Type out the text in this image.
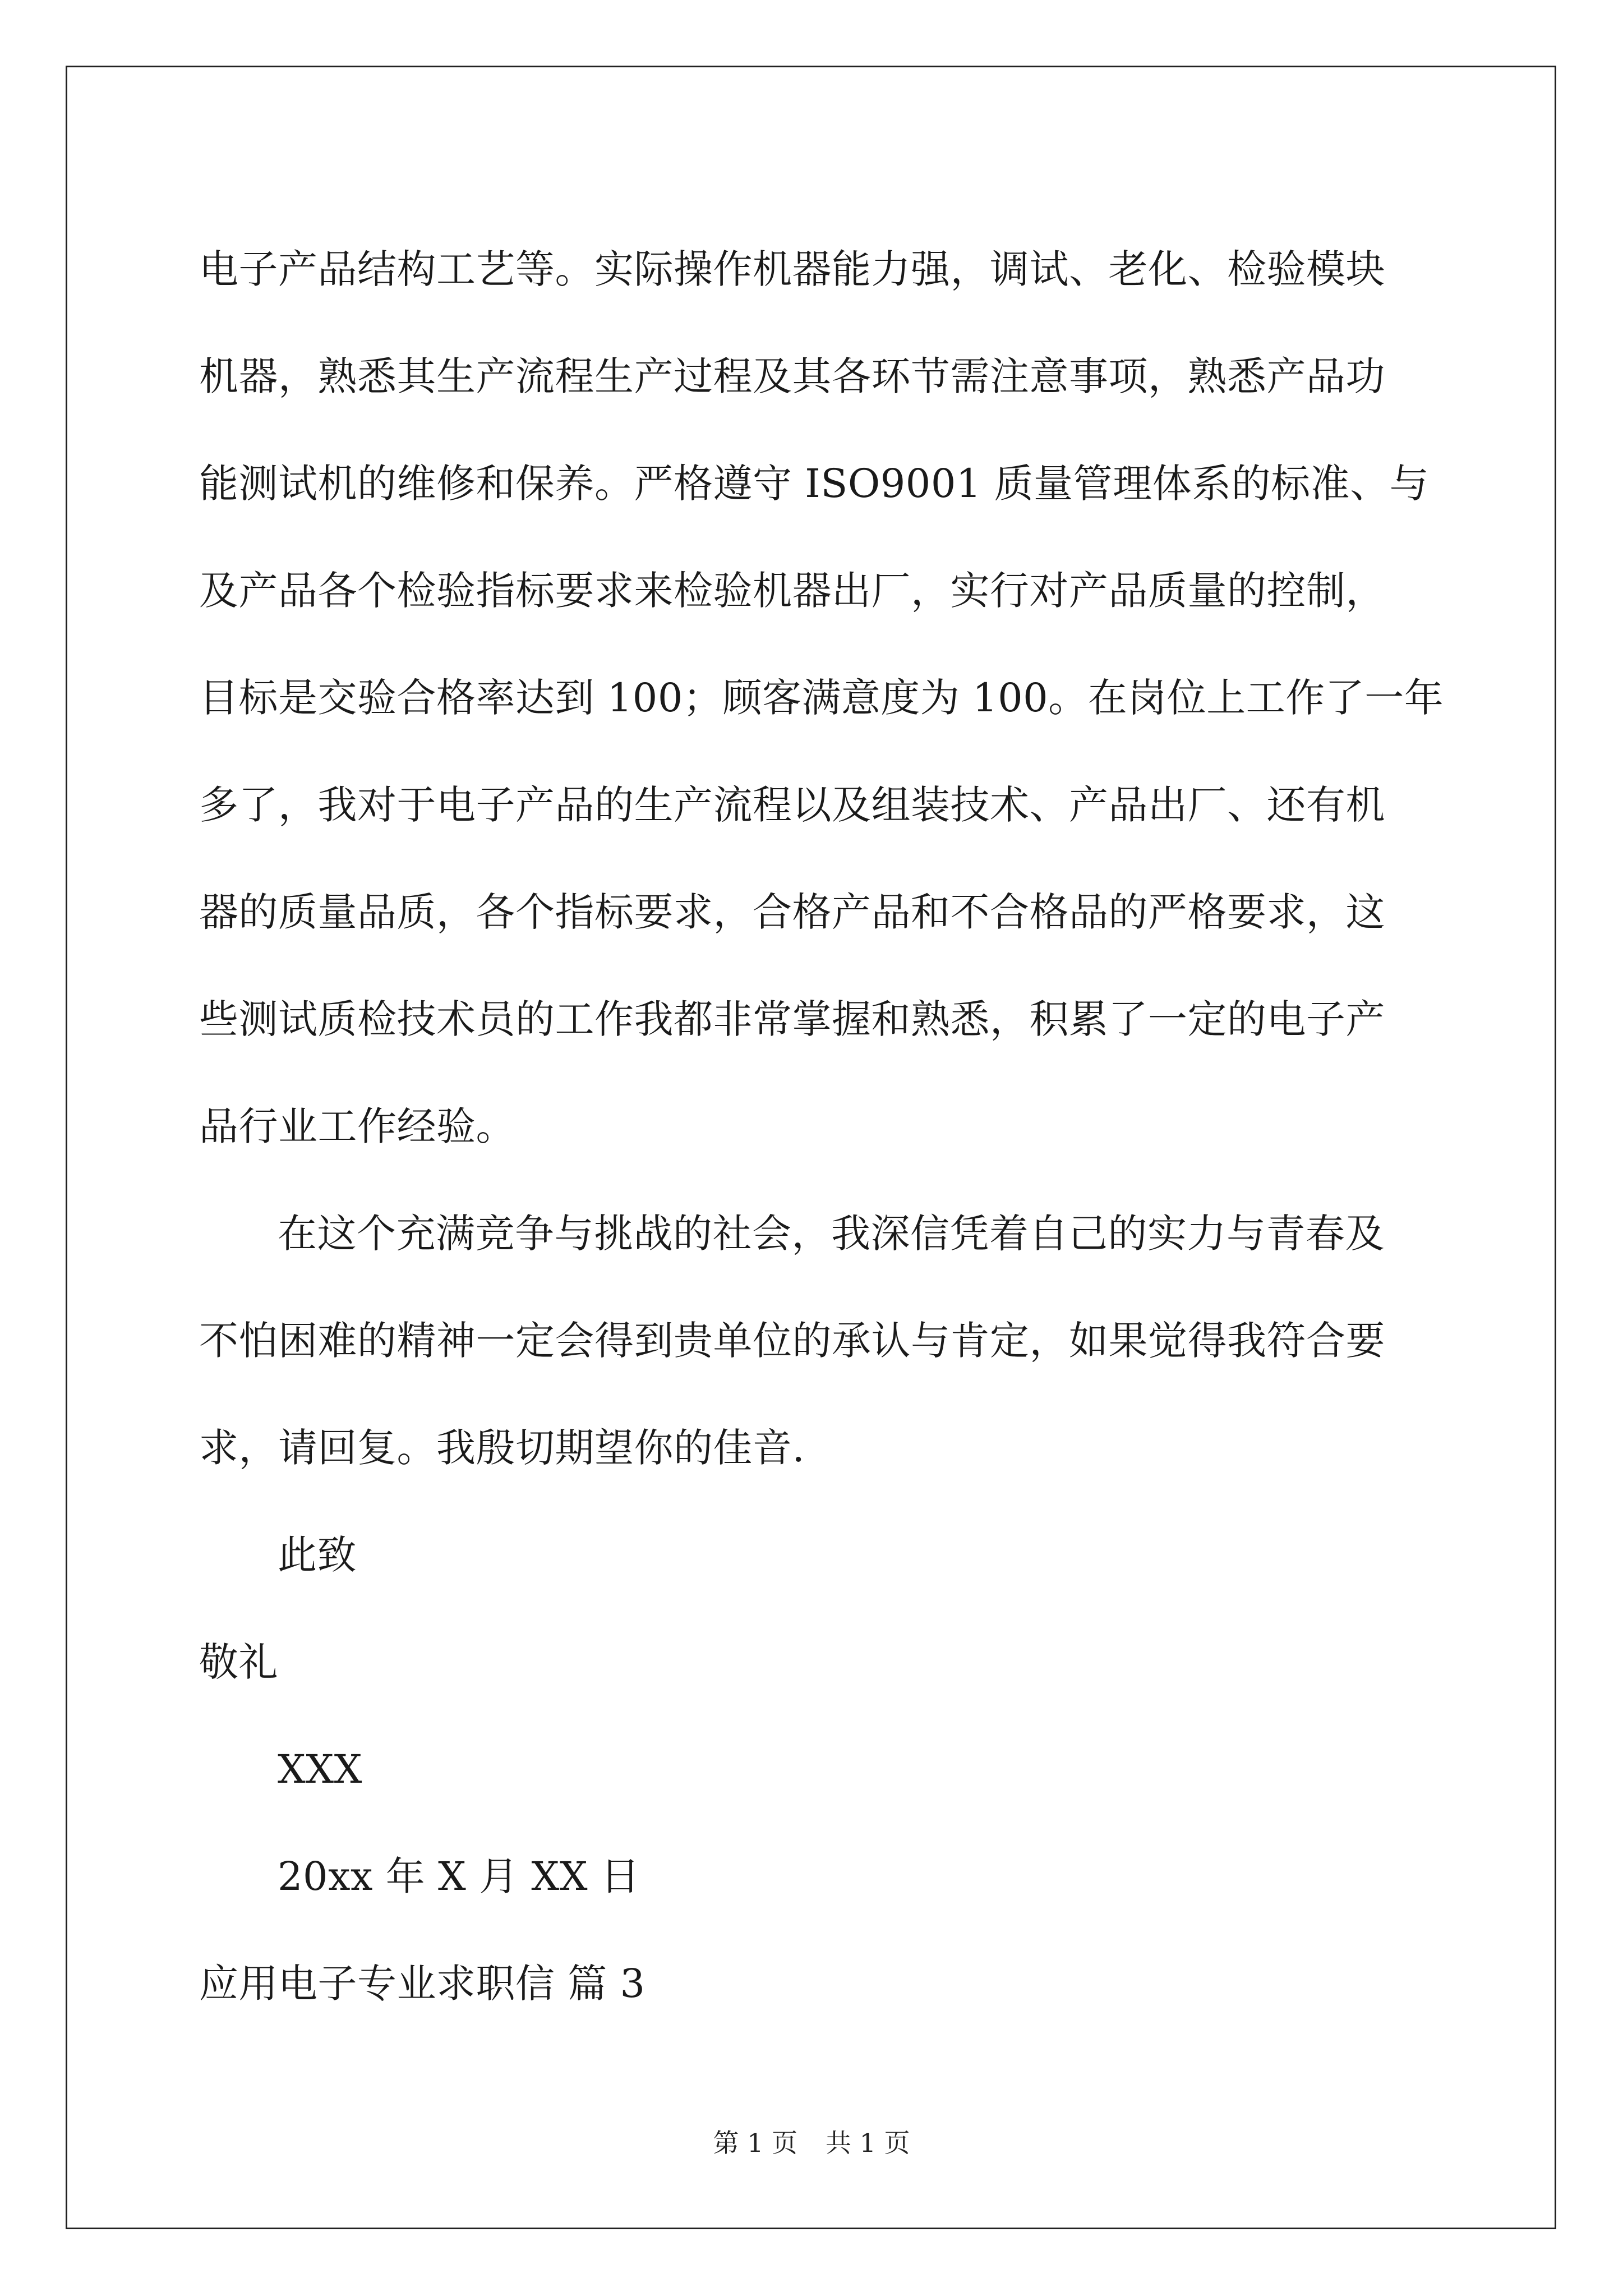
电子产品结构工艺等。实际操作机器能力强，调试、老化、检验模块
机器，熟悉其生产流程生产过程及其各环节需注意事项，熟悉产品功
能测试机的维修和保养。严格遵守 ISO9001 质量管理体系的标准、与
及产品各个检验指标要求来检验机器出厂，实行对产品质量的控制，
目标是交验合格率达到 100；顾客满意度为 100。在岗位上工作了一年
多了，我对于电子产品的生产流程以及组装技术、产品出厂、还有机
器的质量品质，各个指标要求，合格产品和不合格品的严格要求，这
些测试质检技术员的工作我都非常掌握和熟悉，积累了一定的电子产
品行业工作经验。
在这个充满竞争与挑战的社会，我深信凭着自己的实力与青春及
不怕困难的精神一定会得到贵单位的承认与肯定，如果觉得我符合要
求，请回复。我殷切期望你的佳音.
此致
敬礼
XXX
20xx 年 X 月 XX 日
应用电子专业求职信 篇 3
第 1 页 共 1 页
